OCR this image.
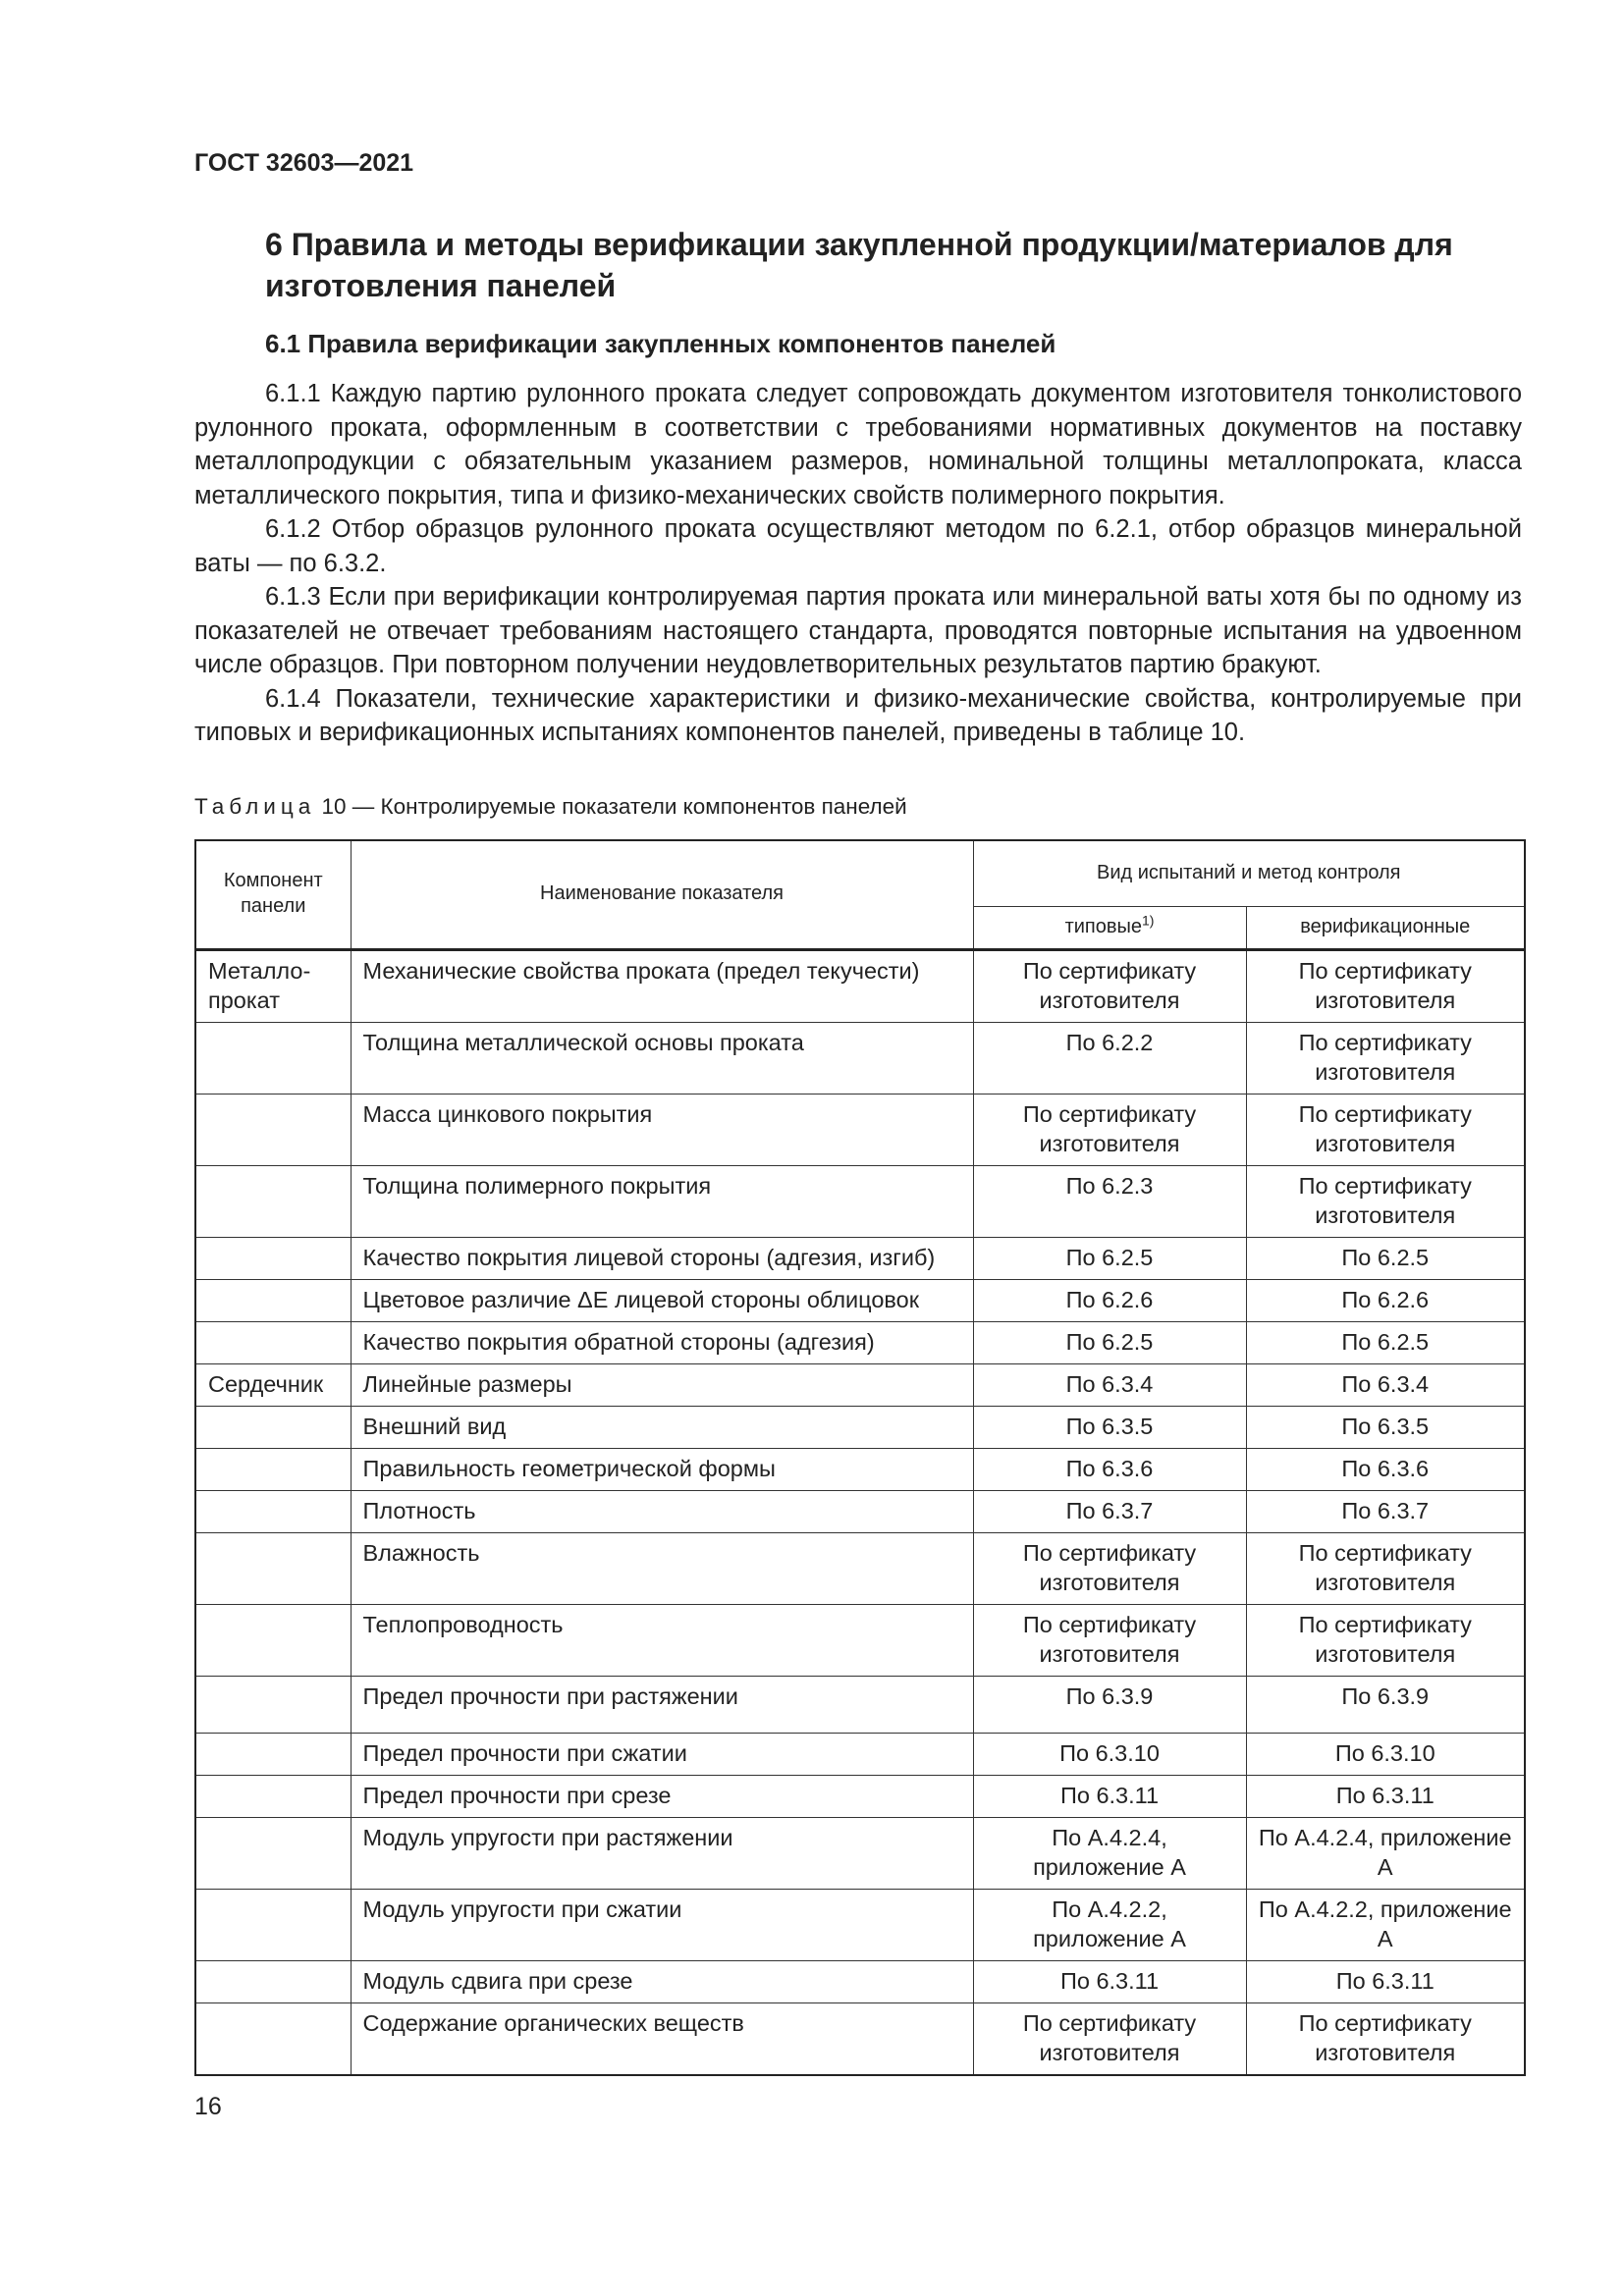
ГОСТ 32603—2021
6 Правила и методы верификации закупленной продукции/материалов для изготовления панелей
6.1 Правила верификации закупленных компонентов панелей

6.1.1 Каждую партию рулонного проката следует сопровождать документом изготовителя тонколистового рулонного проката, оформленным в соответствии с требованиями нормативных документов на поставку металлопродукции с обязательным указанием размеров, номинальной толщины металлопроката, класса металлического покрытия, типа и физико-механических свойств полимерного покрытия.

6.1.2 Отбор образцов рулонного проката осуществляют методом по 6.2.1, отбор образцов минеральной ваты — по 6.3.2.

6.1.3 Если при верификации контролируемая партия проката или минеральной ваты хотя бы по одному из показателей не отвечает требованиям настоящего стандарта, проводятся повторные испытания на удвоенном числе образцов. При повторном получении неудовлетворительных результатов партию бракуют.

6.1.4 Показатели, технические характеристики и физико-механические свойства, контролируемые при типовых и верификационных испытаниях компонентов панелей, приведены в таблице 10.

Таблица 10 — Контролируемые показатели компонентов панелей
Компонент панели	Наименование показателя	Вид испытаний и метод контроля	
		типовые$^{1)}$	верификационные
Металло-прокат	Механические свойства проката (предел текучести)	По сертификату изготовителя	По сертификату изготовителя
	Толщина металлической основы проката	По 6.2.2	По сертификату изготовителя
	Масса цинкового покрытия	По сертификату изготовителя	По сертификату изготовителя
	Толщина полимерного покрытия	По 6.2.3	По сертификату изготовителя
	Качество покрытия лицевой стороны (адгезия, изгиб)	По 6.2.5	По 6.2.5
	Цветовое различие ΔE лицевой стороны облицовок	По 6.2.6	По 6.2.6
	Качество покрытия обратной стороны (адгезия)	По 6.2.5	По 6.2.5
Сердечник	Линейные размеры	По 6.3.4	По 6.3.4
	Внешний вид	По 6.3.5	По 6.3.5
	Правильность геометрической формы	По 6.3.6	По 6.3.6
	Плотность	По 6.3.7	По 6.3.7
	Влажность	По сертификату изготовителя	По сертификату изготовителя
	Теплопроводность	По сертификату изготовителя	По сертификату изготовителя
	Предел прочности при растяжении	По 6.3.9	По 6.3.9
	Предел прочности при сжатии	По 6.3.10	По 6.3.10
	Предел прочности при срезе	По 6.3.11	По 6.3.11
	Модуль упругости при растяжении	По А.4.2.4, приложение А	По А.4.2.4, приложение А
	Модуль упругости при сжатии	По А.4.2.2, приложение А	По А.4.2.2, приложение А
	Модуль сдвига при срезе	По 6.3.11	По 6.3.11
	Содержание органических веществ	По сертификату изготовителя	По сертификату изготовителя
16
